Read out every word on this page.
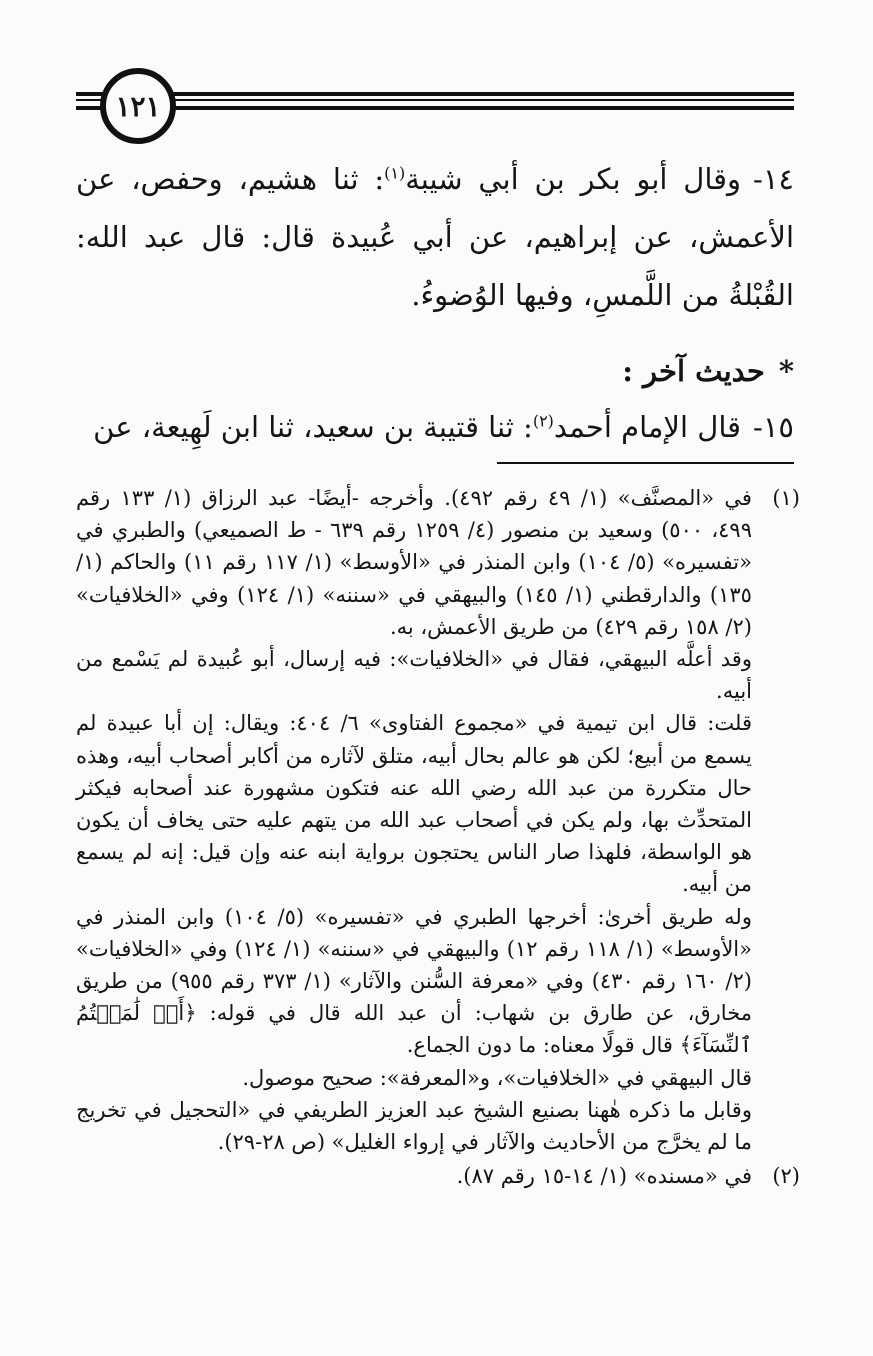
١٢١

١٤-وقال أبو بكر بن أبي شيبة$^{(١)}$: ثنا هشيم، وحفص، عن الأعمش، عن إبراهيم، عن أبي عُبيدة قال: قال عبد الله: القُبْلةُ من اللَّمسِ، وفيها الوُضوءُ.

*حديث آخر :

١٥-قال الإمام أحمد$^{(٢)}$: ثنا قتيبة بن سعيد، ثنا ابن لَهِيعة، عن

(١)

في «المصنَّف» (١/ ٤٩ رقم ٤٩٢). وأخرجه -أيضًا- عبد الرزاق (١/ ١٣٣ رقم ٤٩٩، ٥٠٠) وسعيد بن منصور (٤/ ١٢٥٩ رقم ٦٣٩ - ط الصميعي) والطبري في «تفسيره» (٥/ ١٠٤) وابن المنذر في «الأوسط» (١/ ١١٧ رقم ١١) والحاكم (١/ ١٣٥) والدارقطني (١/ ١٤٥) والبيهقي في «سننه» (١/ ١٢٤) وفي «الخلافيات» (٢/ ١٥٨ رقم ٤٢٩) من طريق الأعمش، به.

وقد أعلَّه البيهقي، فقال في «الخلافيات»: فيه إرسال، أبو عُبيدة لم يَسْمع من أبيه.

قلت: قال ابن تيمية في «مجموع الفتاوى» ٦/ ٤٠٤: ويقال: إن أبا عبيدة لم يسمع من أبيع؛ لكن هو عالم بحال أبيه، متلق لآثاره من أكابر أصحاب أبيه، وهذه حال متكررة من عبد الله رضي الله عنه فتكون مشهورة عند أصحابه فيكثر المتحدِّث بها، ولم يكن في أصحاب عبد الله من يتهم عليه حتى يخاف أن يكون هو الواسطة، فلهذا صار الناس يحتجون برواية ابنه عنه وإن قيل: إنه لم يسمع من أبيه.

وله طريق أخرىٰ: أخرجها الطبري في «تفسيره» (٥/ ١٠٤) وابن المنذر في «الأوسط» (١/ ١١٨ رقم ١٢) والبيهقي في «سننه» (١/ ١٢٤) وفي «الخلافيات» (٢/ ١٦٠ رقم ٤٣٠) وفي «معرفة السُّنن والآثار» (١/ ٣٧٣ رقم ٩٥٥) من طريق مخارق، عن طارق بن شهاب: أن عبد الله قال في قوله: ﴿أَوۡ لَٰمَسۡتُمُ ٱلنِّسَآءَ﴾ قال قولًا معناه: ما دون الجماع.

قال البيهقي في «الخلافيات»، و«المعرفة»: صحيح موصول.

وقابل ما ذكره هٰهنا بصنيع الشيخ عبد العزيز الطريفي في «التحجيل في تخريج ما لم يخرَّج من الأحاديث والآثار في إرواء الغليل» (ص ٢٨-٢٩).

(٢)

في «مسنده» (١/ ١٤-١٥ رقم ٨٧).
